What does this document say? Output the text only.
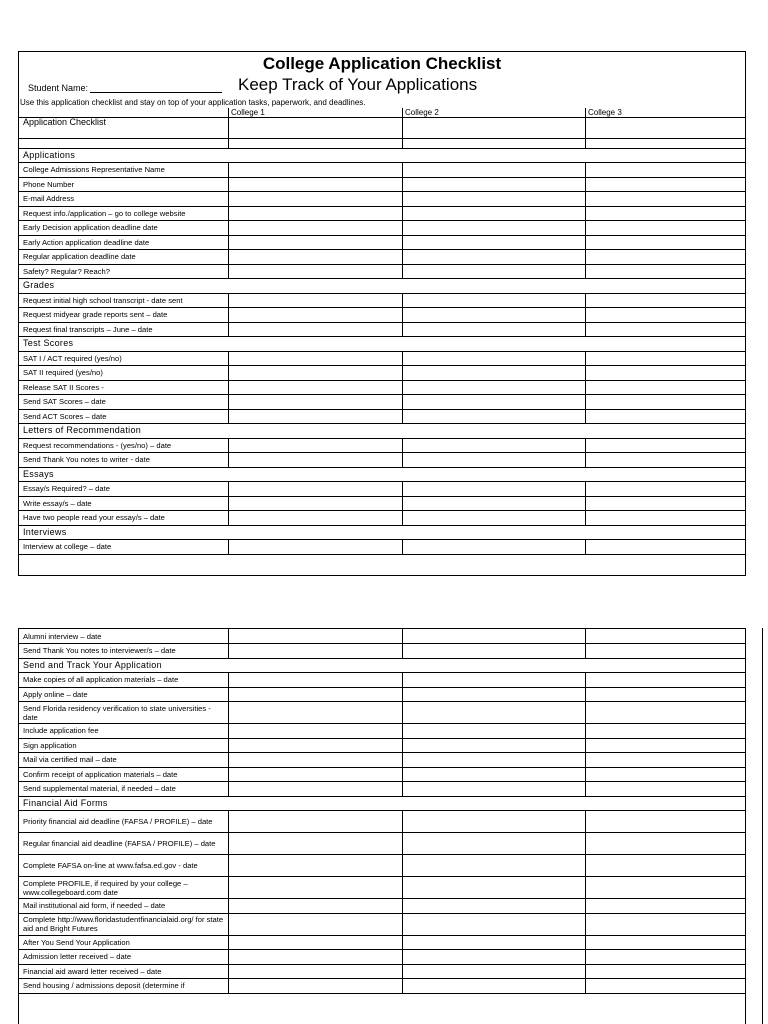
College Application Checklist
Student Name:	Keep Track of Your Applications
Use this application checklist and stay on top of your application tasks, paperwork, and deadlines.
College 1	College 2	College 3
Application Checklist			

Applications			
College Admissions Representative Name			
Phone Number			
E-mail Address			
Request info./application – go to college website			
Early Decision application deadline date			
Early Action application deadline date			
Regular application deadline date			
Safety? Regular? Reach?			
Grades			
Request initial high school transcript - date sent			
Request midyear grade reports sent – date			
Request final transcripts – June – date			
Test Scores			
SAT I / ACT required (yes/no)			
SAT II required (yes/no)			
Release SAT II Scores -			
Send SAT Scores – date			
Send ACT Scores – date			
Letters of Recommendation			
Request recommendations - (yes/no) – date			
Send Thank You notes to writer - date			
Essays			
Essay/s Required? – date			
Write essay/s – date			
Have two people read your essay/s – date			
Interviews			
Interview at college – date			
Alumni interview – date			
Send Thank You notes to interviewer/s – date			
Send and Track Your Application			
Make copies of all application materials – date			
Apply online – date			
Send Florida residency verification to state universities - date			
Include application fee			
Sign application			
Mail via certified mail – date			
Confirm receipt of application materials – date			
Send supplemental material, if needed – date			
Financial Aid Forms			
Priority financial aid deadline (FAFSA / PROFILE) – date			
Regular financial aid deadline (FAFSA / PROFILE) – date			
Complete FAFSA on-line at www.fafsa.ed.gov - date			
Complete PROFILE, if required by your college – www.collegeboard.com date			
Mail institutional aid form, if needed – date			
Complete http://www.floridastudentfinancialaid.org/ for state aid and Bright Futures			
After You Send Your Application			
Admission letter received – date			
Financial aid award letter received – date			
Send housing / admissions deposit (determine if			
